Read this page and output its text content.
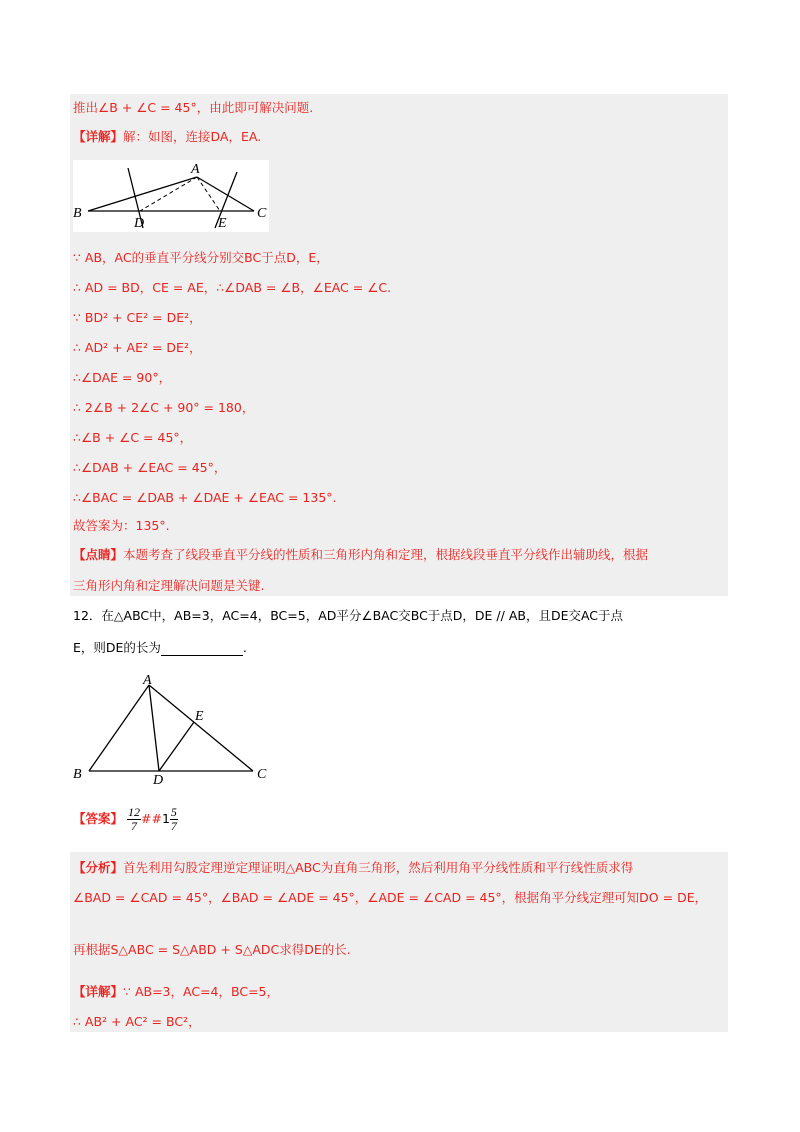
推出∠B + ∠C = 45°，由此即可解决问题.
【详解】解：如图，连接DA，EA.
A
B	C
D	E
∵ AB，AC的垂直平分线分别交BC于点D，E，
∴ AD = BD，CE = AE，∴∠DAB = ∠B，∠EAC = ∠C.
∵ BD² + CE² = DE²，
∴ AD² + AE² = DE²，
∴∠DAE = 90°，
∴ 2∠B + 2∠C + 90° = 180，
∴∠B + ∠C = 45°，
∴∠DAB + ∠EAC = 45°，
∴∠BAC = ∠DAB + ∠DAE + ∠EAC = 135°.
故答案为：135°.
【点睛】本题考查了线段垂直平分线的性质和三角形内角和定理，根据线段垂直平分线作出辅助线，根据
三角形内角和定理解决问题是关键.
12．在△ABC中，AB=3，AC=4，BC=5，AD平分∠BAC交BC于点D，DE // AB，且DE交AC于点
E，则DE的长为	.
A
B	C
D
E
【答案】 $\frac{12}{7}$ ##1 $\frac{5}{7}$
【分析】首先利用勾股定理逆定理证明△ABC为直角三角形，然后利用角平分线性质和平行线性质求得
∠BAD = ∠CAD = 45°，∠BAD = ∠ADE = 45°，∠ADE = ∠CAD = 45°，根据角平分线定理可知DO = DE，
再根据S△ABC = S△ABD + S△ADC求得DE的长.
【详解】∵ AB=3，AC=4，BC=5，
∴ AB² + AC² = BC²，
